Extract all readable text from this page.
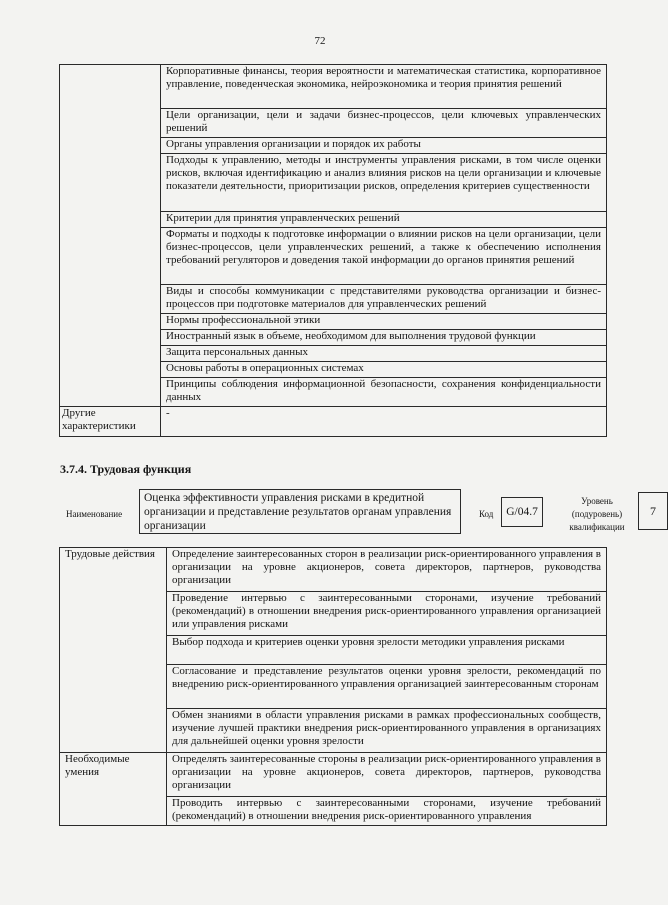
72
	Корпоративные финансы, теория вероятности и математическая статистика, корпоративное управление, поведенческая экономика, нейроэкономика и теория принятия решений
	Цели организации, цели и задачи бизнес-процессов, цели ключевых управленческих решений
	Органы управления организации и порядок их работы
	Подходы к управлению, методы и инструменты управления рисками, в том числе оценки рисков, включая идентификацию и анализ влияния рисков на цели организации и ключевые показатели деятельности, приоритизации рисков, определения критериев существенности
	Критерии для принятия управленческих решений
	Форматы и подходы к подготовке информации о влиянии рисков на цели организации, цели бизнес-процессов, цели управленческих решений, а также к обеспечению исполнения требований регуляторов и доведения такой информации до органов принятия решений
	Виды и способы коммуникации с представителями руководства организации и бизнес-процессов при подготовке материалов для управленческих решений
	Нормы профессиональной этики
	Иностранный язык в объеме, необходимом для выполнения трудовой функции
	Защита персональных данных
	Основы работы в операционных системах
	Принципы соблюдения информационной безопасности, сохранения конфиденциальности данных
Другие характеристики	-
3.7.4. Трудовая функция
Наименование
Оценка эффективности управления рисками в кредитной организации и представление результатов органам управления организации
Код	G/04.7
Уровень (подуровень) квалификации
7
Трудовые действия	Определение заинтересованных сторон в реализации риск-ориентированного управления в организации на уровне акционеров, совета директоров, партнеров, руководства организации
	Проведение интервью с заинтересованными сторонами, изучение требований (рекомендаций) в отношении внедрения риск-ориентированного управления организацией или управления рисками
	Выбор подхода и критериев оценки уровня зрелости методики управления рисками
	Согласование и представление результатов оценки уровня зрелости, рекомендаций по внедрению риск-ориентированного управления организацией заинтересованным сторонам
	Обмен знаниями в области управления рисками в рамках профессиональных сообществ, изучение лучшей практики внедрения риск-ориентированного управления в организациях для дальнейшей оценки уровня зрелости
Необходимые умения	Определять заинтересованные стороны в реализации риск-ориентированного управления в организации на уровне акционеров, совета директоров, партнеров, руководства организации
	Проводить интервью с заинтересованными сторонами, изучение требований (рекомендаций) в отношении внедрения риск-ориентированного управления
